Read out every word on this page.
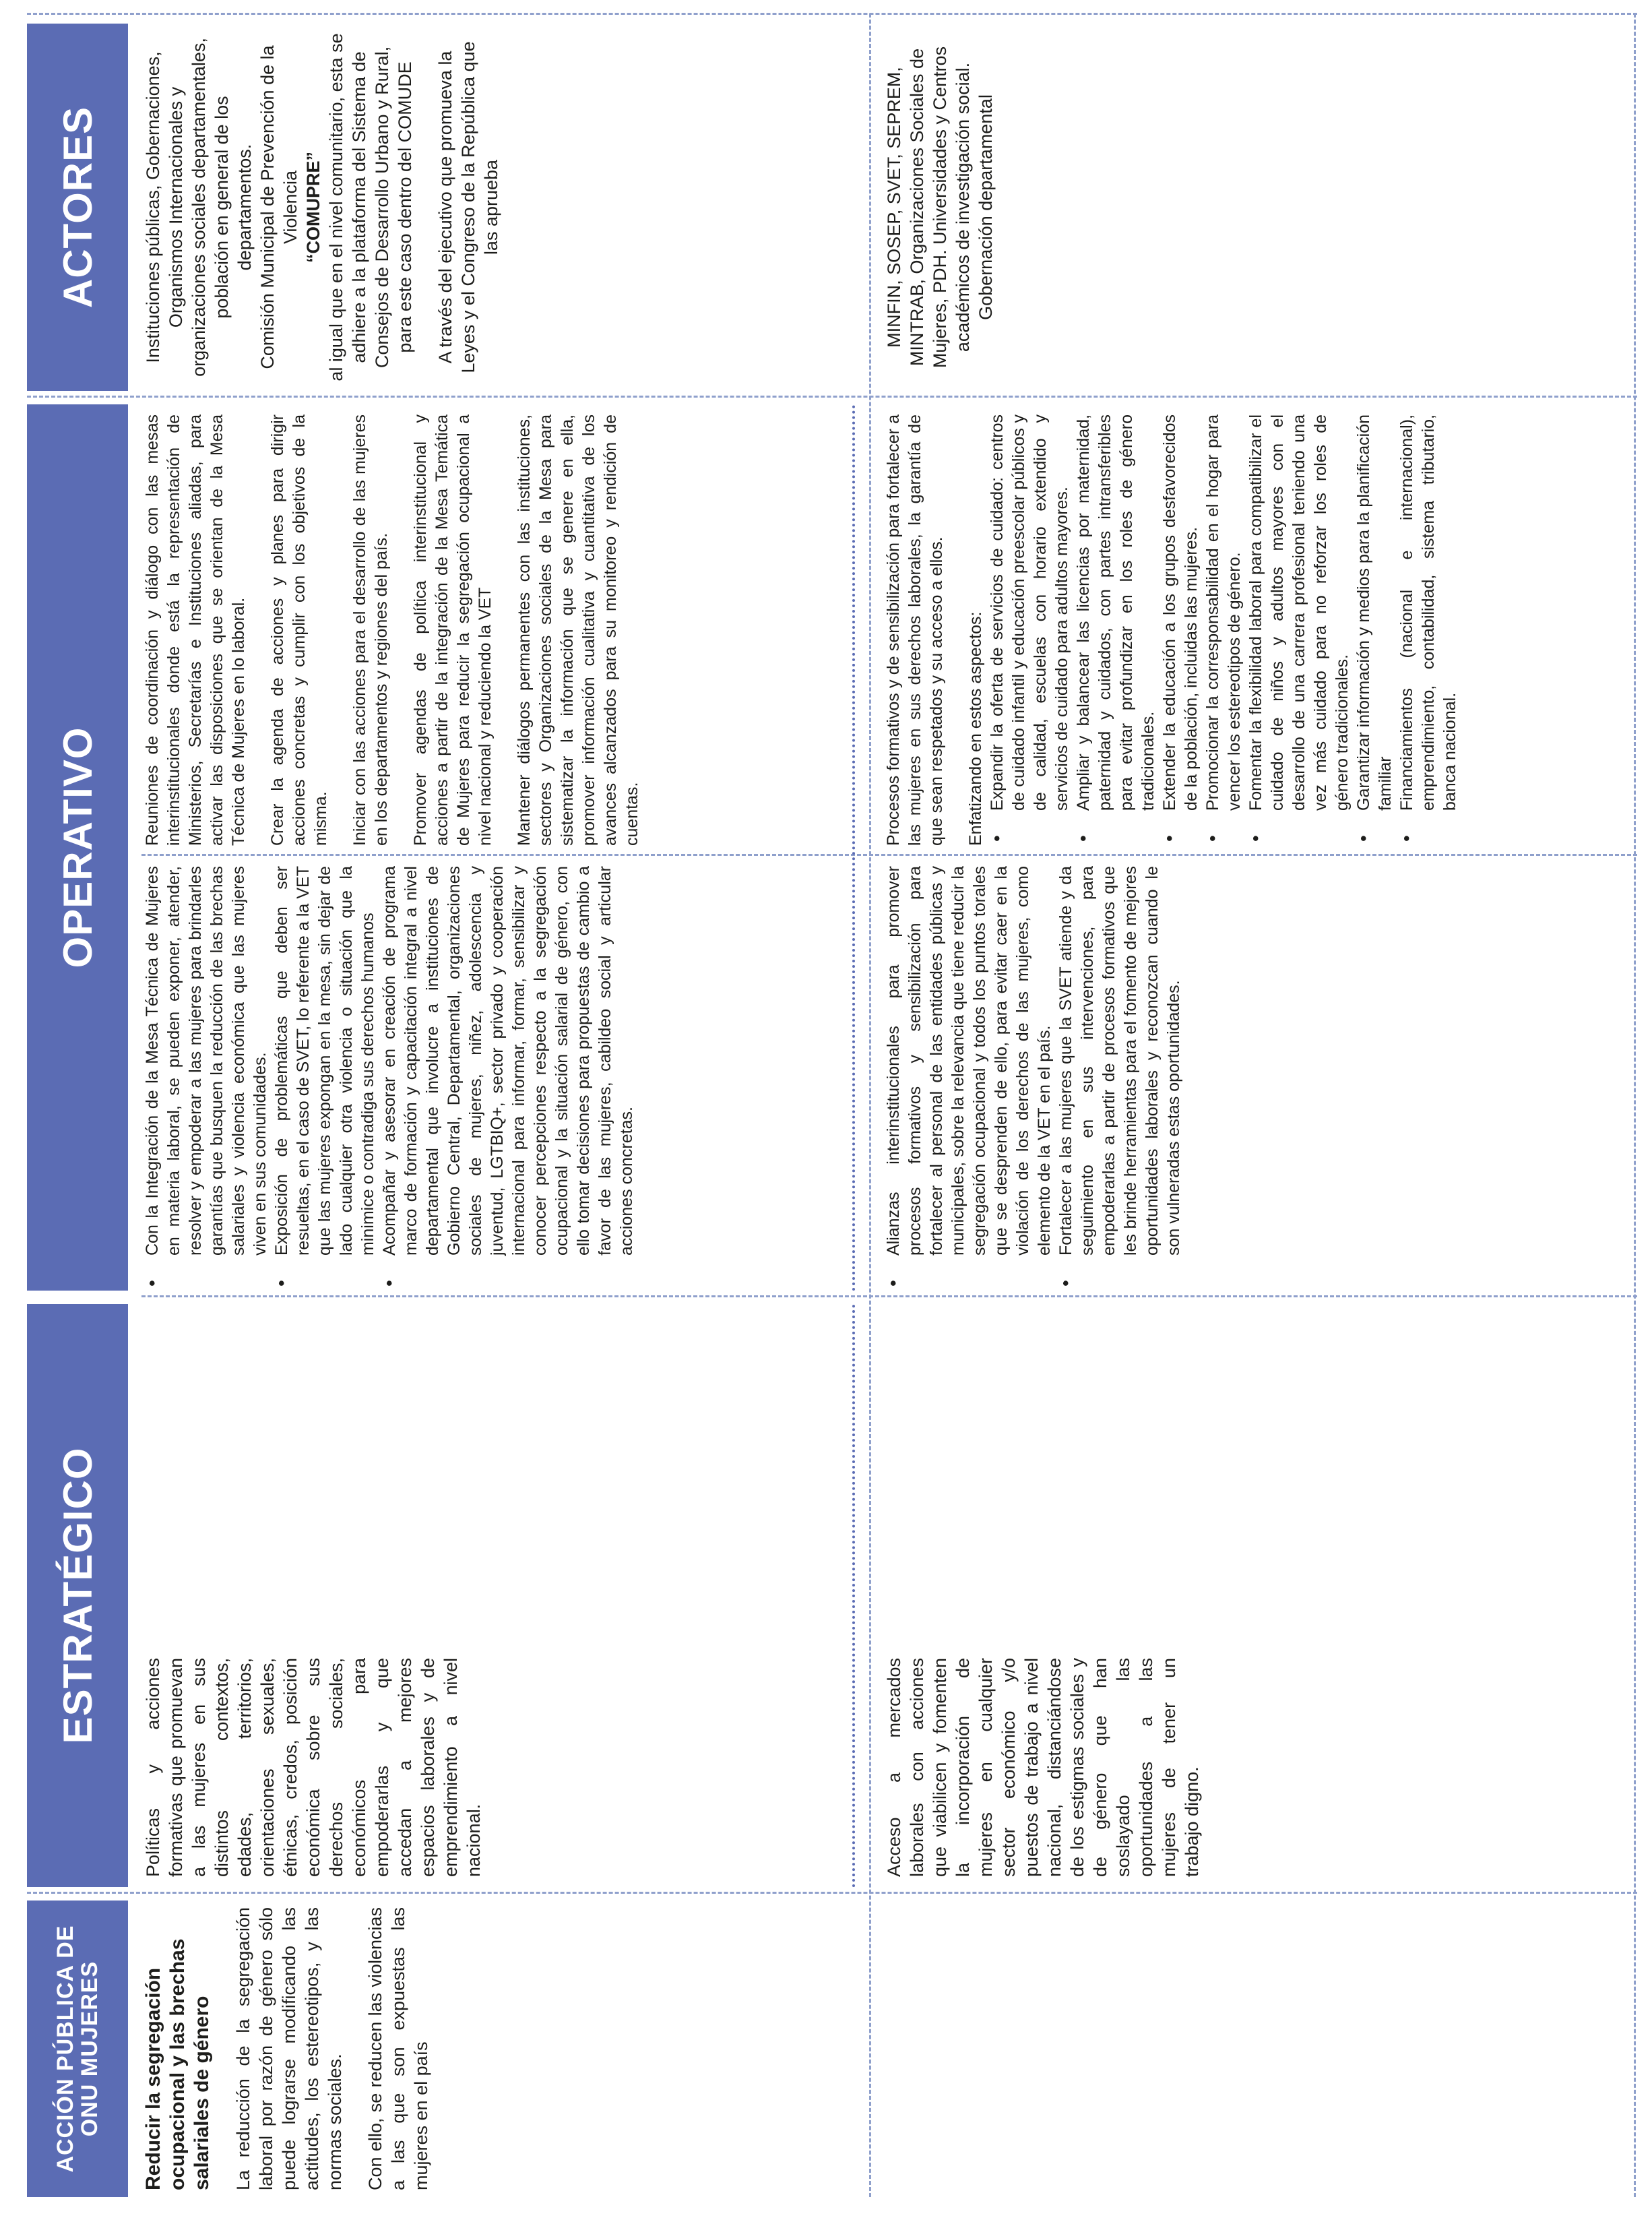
ACCIÓN PÚBLICA DE
ONU MUJERES
ESTRATÉGICO
OPERATIVO
ACTORES

Reducir la segregación ocupacional y las brechas salariales de género La reducción de la segregación laboral por razón de género sólo puede lograrse modificando las actitudes, los estereotipos, y las normas sociales. Con ello, se reducen las violencias a las que son expuestas las mujeres en el país

Políticas y acciones formativas que promuevan a las mujeres en sus distintos contextos, edades, territorios, orientaciones sexuales, étnicas, credos, posición económica sobre sus derechos sociales, económicos para empoderarlas y que accedan a mejores espacios laborales y de emprendimiento a nivel nacional.

• Con la Integración de la Mesa Técnica de Mujeres en materia laboral, se pueden exponer, atender, resolver y empoderar a las mujeres para brindarles garantías que busquen la reducción de las brechas salariales y violencia económica que las mujeres viven en sus comunidades. • Exposición de problemáticas que deben ser resueltas, en el caso de SVET, lo referente a la VET que las mujeres expongan en la mesa, sin dejar de lado cualquier otra violencia o situación que la minimice o contradiga sus derechos humanos • Acompañar y asesorar en creación de programa marco de formación y capacitación integral a nivel departamental que involucre a instituciones de Gobierno Central, Departamental, organizaciones sociales de mujeres, niñez, adolescencia y juventud, LGTBIQ+, sector privado y cooperación internacional para informar, formar, sensibilizar y conocer percepciones respecto a la segregación ocupacional y la situación salarial de género, con ello tomar decisiones para propuestas de cambio a favor de las mujeres, cabildeo social y articular acciones concretas.

Reuniones de coordinación y diálogo con las mesas interinstitucionales donde está la representación de Ministerios, Secretarías e Instituciones aliadas, para activar las disposiciones que se orientan de la Mesa Técnica de Mujeres en lo laboral. Crear la agenda de acciones y planes para dirigir acciones concretas y cumplir con los objetivos de la misma. Iniciar con las acciones para el desarrollo de las mujeres en los departamentos y regiones del país. Promover agendas de política interinstitucional y acciones a partir de la integración de la Mesa Temática de Mujeres para reducir la segregación ocupacional a nivel nacional y reduciendo la VET Mantener diálogos permanentes con las instituciones, sectores y Organizaciones sociales de la Mesa para sistematizar la información que se genere en ella, promover información cualitativa y cuantitativa de los avances alcanzados para su monitoreo y rendición de cuentas.

Instituciones públicas, Gobernaciones, Organismos Internacionales y organizaciones sociales departamentales, población en general de los departamentos. Comisión Municipal de Prevención de la Violencia “COMUPRE” al igual que en el nivel comunitario, esta se adhiere a la plataforma del Sistema de Consejos de Desarrollo Urbano y Rural, para este caso dentro del COMUDE A través del ejecutivo que promueva la Leyes y el Congreso de la República que las aprueba

Acceso a mercados laborales con acciones que viabilicen y fomenten la incorporación de mujeres en cualquier sector económico y/o puestos de trabajo a nivel nacional, distanciándose de los estigmas sociales y de género que han soslayado las oportunidades a las mujeres de tener un trabajo digno.

• Alianzas interinstitucionales para promover procesos formativos y sensibilización para fortalecer al personal de las entidades públicas y municipales, sobre la relevancia que tiene reducir la segregación ocupacional y todos los puntos torales que se desprenden de ello, para evitar caer en la violación de los derechos de las mujeres, como elemento de la VET en el país. • Fortalecer a las mujeres que la SVET atiende y da seguimiento en sus intervenciones, para empoderarlas a partir de procesos formativos que les brinde herramientas para el fomento de mejores oportunidades laborales y reconozcan cuando le son vulneradas estas oportunidades.

Procesos formativos y de sensibilización para fortalecer a las mujeres en sus derechos laborales, la garantía de que sean respetados y su acceso a ellos. Enfatizando en estos aspectos: • Expandir la oferta de servicios de cuidado: centros de cuidado infantil y educación preescolar públicos y de calidad, escuelas con horario extendido y servicios de cuidado para adultos mayores. • Ampliar y balancear las licencias por maternidad, paternidad y cuidados, con partes intransferibles para evitar profundizar en los roles de género tradicionales. • Extender la educación a los grupos desfavorecidos de la población, incluidas las mujeres. • Promocionar la corresponsabilidad en el hogar para vencer los estereotipos de género. • Fomentar la flexibilidad laboral para compatibilizar el cuidado de niños y adultos mayores con el desarrollo de una carrera profesional teniendo una vez más cuidado para no reforzar los roles de género tradicionales. • Garantizar información y medios para la planificación familiar • Financiamientos (nacional e internacional), emprendimiento, contabilidad, sistema tributario, banca nacional.

MINFIN, SOSEP, SVET, SEPREM, MINTRAB, Organizaciones Sociales de Mujeres, PDH. Universidades y Centros académicos de investigación social. Gobernación departamental
